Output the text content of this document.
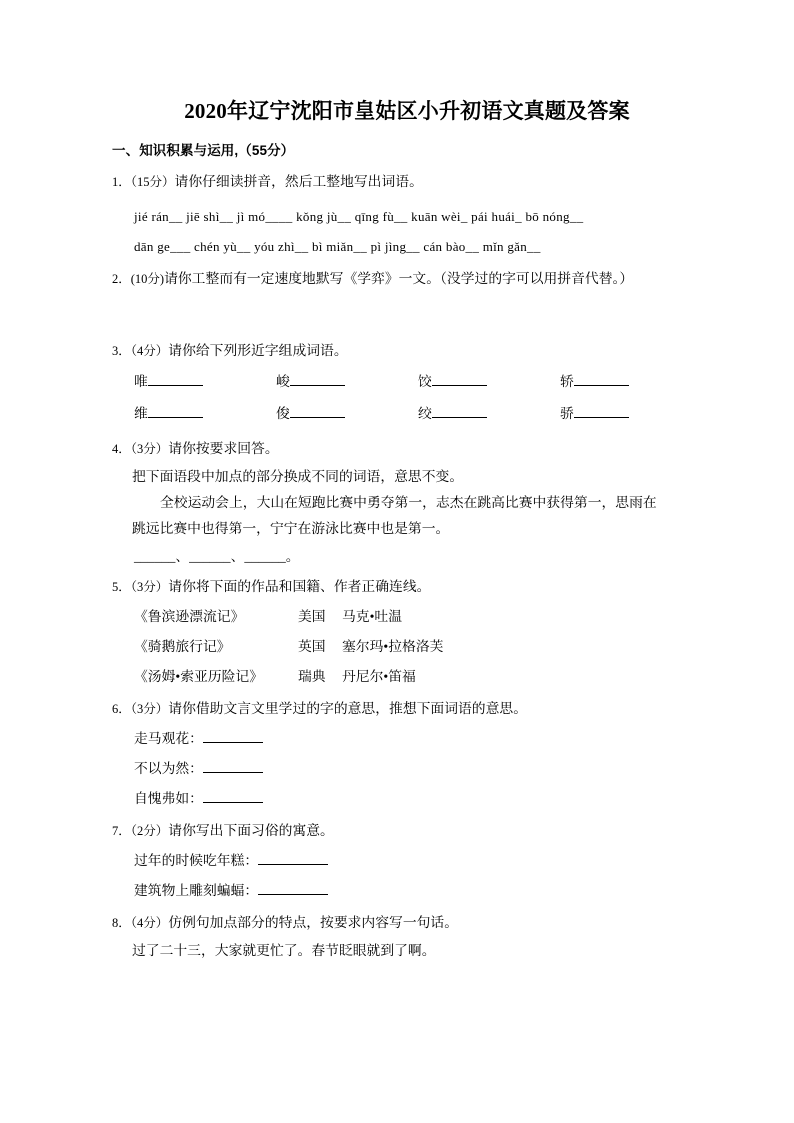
2020年辽宁沈阳市皇姑区小升初语文真题及答案
一、知识积累与运用,（55分）
1．（15分）请你仔细读拼音，然后工整地写出词语。
jié rán__ jiē shì__ jì mó____ kǒng jù__ qīng fù__ kuān wèi_ pái huái_ bō nóng__
dān ge___ chén yù__ yóu zhì__ bì miǎn__ pì jìng__ cán bào__ mǐn gǎn__
2．(10分)请你工整而有一定速度地默写《学弈》一文。（没学过的字可以用拼音代替。）
3．（4分）请你给下列形近字组成词语。
唯	峻	饺	轿
维	俊	绞	骄
4．（3分）请你按要求回答。
把下面语段中加点的部分换成不同的词语，意思不变。
全校运动会上，大山在短跑比赛中勇夺第一，志杰在跳高比赛中获得第一，思雨在
跳远比赛中也得第一，宁宁在游泳比赛中也是第一。
______、______、______。
5．（3分）请你将下面的作品和国籍、作者正确连线。
《鲁滨逊漂流记》	美国	马克•吐温
《骑鹅旅行记》	英国	塞尔玛•拉格洛芙
《汤姆•索亚历险记》	瑞典	丹尼尔•笛福
6．（3分）请你借助文言文里学过的字的意思，推想下面词语的意思。
走马观花：
不以为然：
自愧弗如：
7．（2分）请你写出下面习俗的寓意。
过年的时候吃年糕：
建筑物上雕刻蝙蝠：
8．（4分）仿例句加点部分的特点，按要求内容写一句话。
过了二十三，大家就更忙了。春节眨眼就到了啊。
